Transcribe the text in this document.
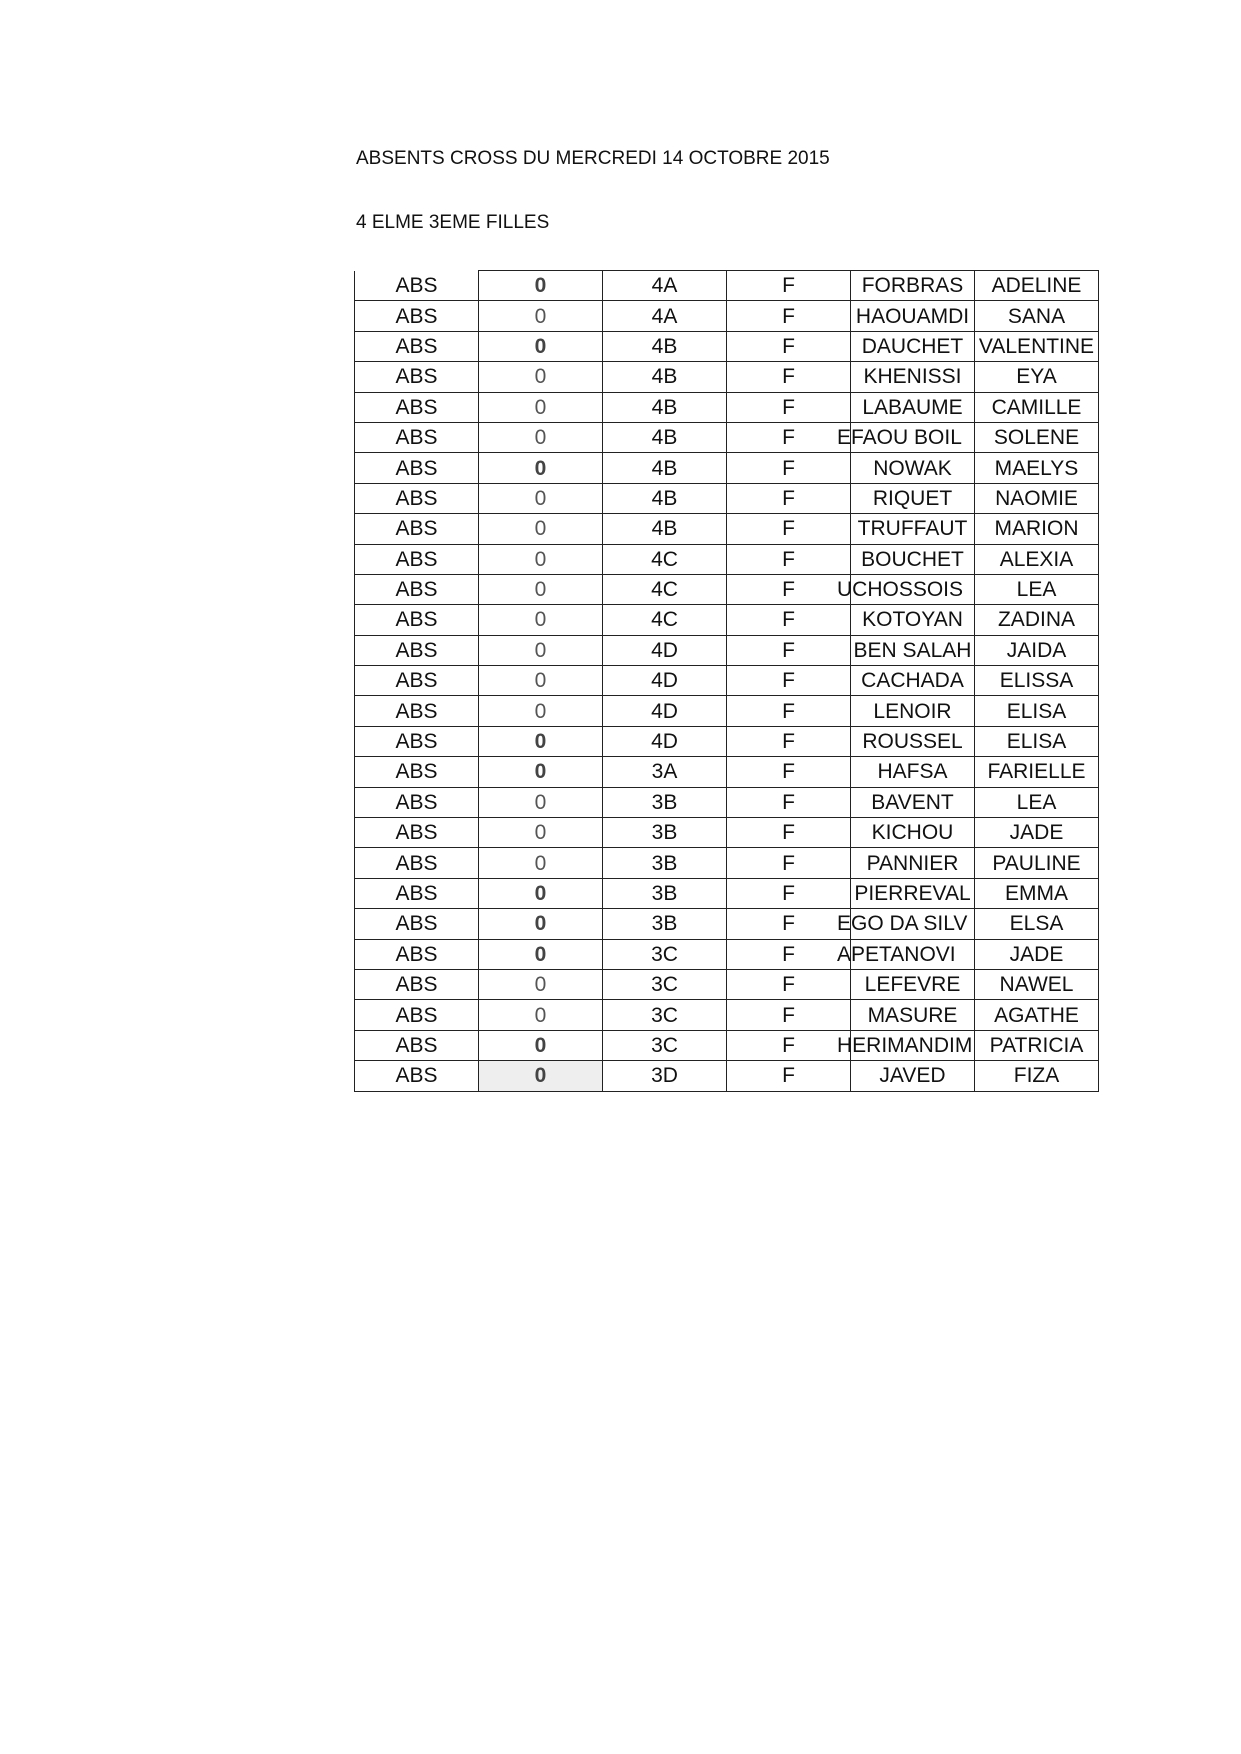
ABSENTS CROSS DU MERCREDI 14 OCTOBRE 2015
4 ELME 3EME FILLES
ABS	0	4A	F	FORBRAS	ADELINE
ABS	0	4A	F	HAOUAMDI	SANA
ABS	0	4B	F	DAUCHET	VALENTINE
ABS	0	4B	F	KHENISSI	EYA
ABS	0	4B	F	LABAUME	CAMILLE
ABS	0	4B	F	EFAOU BOIL	SOLENE
ABS	0	4B	F	NOWAK	MAELYS
ABS	0	4B	F	RIQUET	NAOMIE
ABS	0	4B	F	TRUFFAUT	MARION
ABS	0	4C	F	BOUCHET	ALEXIA
ABS	0	4C	F	UCHOSSOIS	LEA
ABS	0	4C	F	KOTOYAN	ZADINA
ABS	0	4D	F	BEN SALAH	JAIDA
ABS	0	4D	F	CACHADA	ELISSA
ABS	0	4D	F	LENOIR	ELISA
ABS	0	4D	F	ROUSSEL	ELISA
ABS	0	3A	F	HAFSA	FARIELLE
ABS	0	3B	F	BAVENT	LEA
ABS	0	3B	F	KICHOU	JADE
ABS	0	3B	F	PANNIER	PAULINE
ABS	0	3B	F	PIERREVAL	EMMA
ABS	0	3B	F	EGO DA SILV	ELSA
ABS	0	3C	F	APETANOVI	JADE
ABS	0	3C	F	LEFEVRE	NAWEL
ABS	0	3C	F	MASURE	AGATHE
ABS	0	3C	F	HERIMANDIM	PATRICIA
ABS	0	3D	F	JAVED	FIZA
